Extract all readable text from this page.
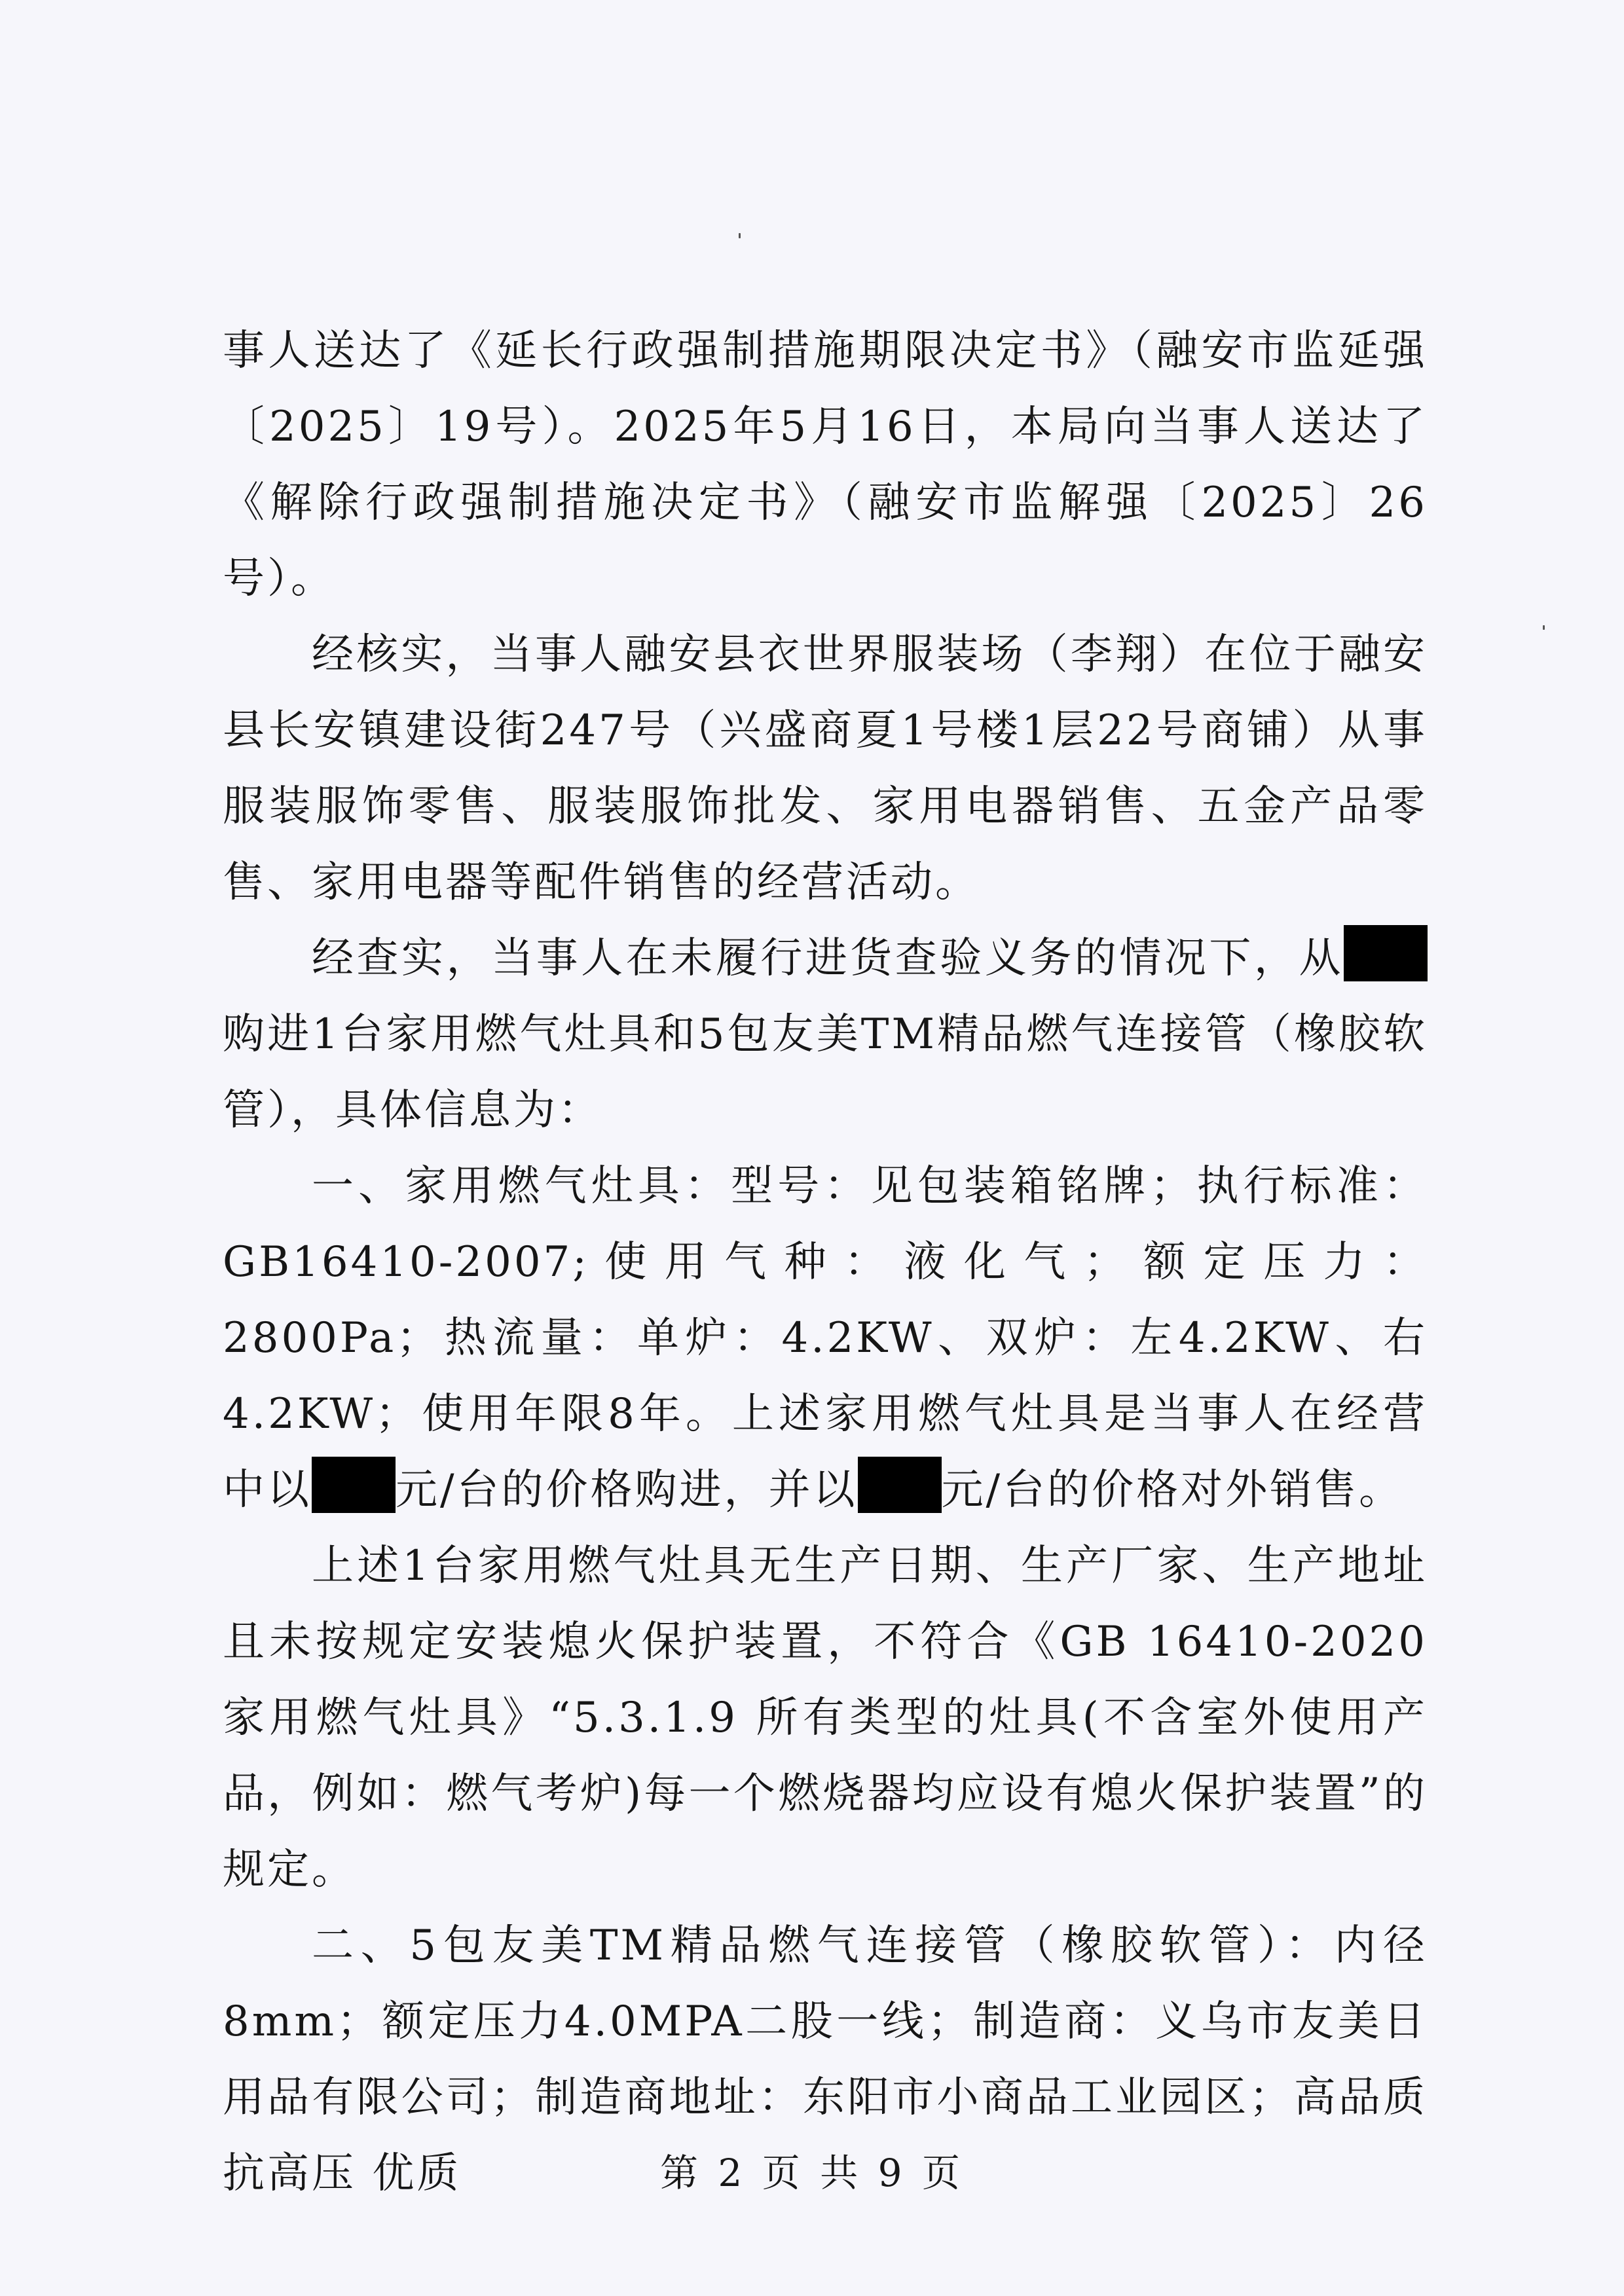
事人送达了《延长行政强制措施期限决定书》（融安市监延强〔2025〕19号）。2025年5月16日，本局向当事人送达了《解除行政强制措施决定书》（融安市监解强〔2025〕26号）。

经核实，当事人融安县衣世界服装场（李翔）在位于融安县长安镇建设街247号（兴盛商夏1号楼1层22号商铺）从事服装服饰零售、服装服饰批发、家用电器销售、五金产品零售、家用电器等配件销售的经营活动。

经查实，当事人在未履行进货查验义务的情况下，从购进1台家用燃气灶具和5包友美TM精品燃气连接管（橡胶软管），具体信息为：

一、家用燃气灶具：型号：见包装箱铭牌；执行标准：GB16410-2007;使用气种：液化气；额定压力：2800Pa；热流量：单炉：4.2KW、双炉：左4.2KW、右4.2KW；使用年限8年。上述家用燃气灶具是当事人在经营中以 元/台的价格购进，并以 元/台的价格对外销售。

上述1台家用燃气灶具无生产日期、生产厂家、生产地址且未按规定安装熄火保护装置，不符合《GB 16410-2020 家用燃气灶具》“5.3.1.9 所有类型的灶具(不含室外使用产品，例如：燃气考炉)每一个燃烧器均应设有熄火保护装置”的规定。

二、5包友美TM精品燃气连接管（橡胶软管）：内径8mm；额定压力4.0MPA二股一线；制造商：义乌市友美日用品有限公司；制造商地址：东阳市小商品工业园区；高品质 抗高压 优质	第 2 页 共 9 页
